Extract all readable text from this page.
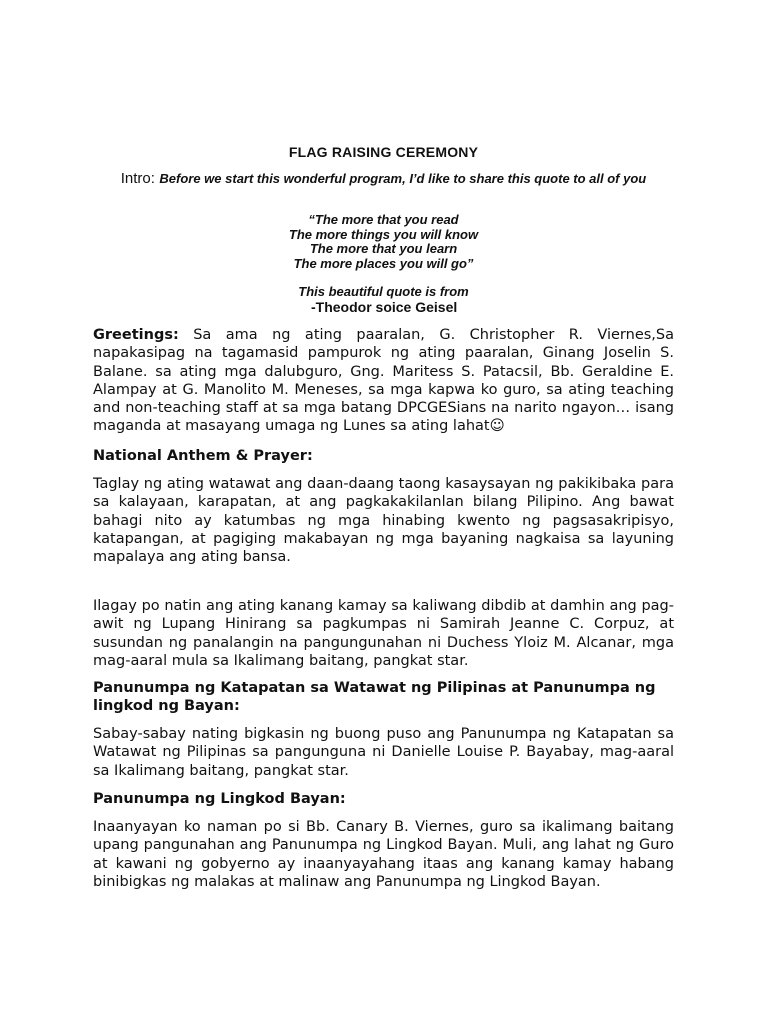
FLAG RAISING CEREMONY
Intro: Before we start this wonderful program, I’d like to share this quote to all of you
“The more that you read
The more things you will know
The more that you learn
The more places you will go”
This beautiful quote is from
-Theodor soice Geisel

Greetings: Sa ama ng ating paaralan, G. Christopher R. Viernes,Sa napakasipag na tagamasid pampurok ng ating paaralan, Ginang Joselin S. Balane. sa ating mga dalubguro, Gng. Maritess S. Patacsil, Bb. Geraldine E. Alampay at G. Manolito M. Meneses, sa mga kapwa ko guro, sa ating teaching and non-teaching staff at sa mga batang DPCGESians na narito ngayon… isang maganda at masayang umaga ng Lunes sa ating lahat☺

National Anthem & Prayer:

Taglay ng ating watawat ang daan-daang taong kasaysayan ng pakikibaka para sa kalayaan, karapatan, at ang pagkakakilanlan bilang Pilipino. Ang bawat bahagi nito ay katumbas ng mga hinabing kwento ng pagsasakripisyo, katapangan, at pagiging makabayan ng mga bayaning nagkaisa sa layuning mapalaya ang ating bansa.

Ilagay po natin ang ating kanang kamay sa kaliwang dibdib at damhin ang pag-awit ng Lupang Hinirang sa pagkumpas ni Samirah Jeanne C. Corpuz, at susundan ng panalangin na pangungunahan ni Duchess Yloiz M. Alcanar, mga mag-aaral mula sa Ikalimang baitang, pangkat star.

Panunumpa ng Katapatan sa Watawat ng Pilipinas at Panunumpa ng lingkod ng Bayan:

Sabay-sabay nating bigkasin ng buong puso ang Panunumpa ng Katapatan sa Watawat ng Pilipinas sa pangunguna ni Danielle Louise P. Bayabay, mag-aaral sa Ikalimang baitang, pangkat star.

Panunumpa ng Lingkod Bayan:

Inaanyayan ko naman po si Bb. Canary B. Viernes, guro sa ikalimang baitang upang pangunahan ang Panunumpa ng Lingkod Bayan. Muli, ang lahat ng Guro at kawani ng gobyerno ay inaanyayahang itaas ang kanang kamay habang binibigkas ng malakas at malinaw ang Panunumpa ng Lingkod Bayan.
